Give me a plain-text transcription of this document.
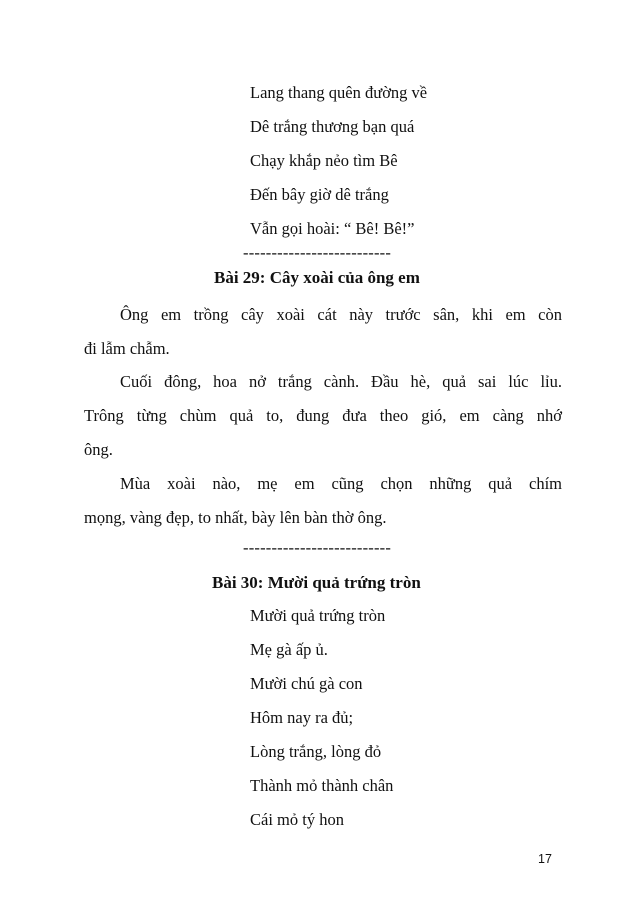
Lang thang quên đường về
Dê trắng thương bạn quá
Chạy khắp nẻo tìm Bê
Đến bây giờ dê trắng
Vẫn gọi hoài: “ Bê! Bê!”
--------------------------
Bài 29: Cây xoài của ông em
Ông em trồng cây xoài cát này trước sân, khi em còn
đi lẫm chẫm.
Cuối đông, hoa nở trắng cành. Đầu hè, quả sai lúc lỉu.
Trông từng chùm quả to, đung đưa theo gió, em càng nhớ
ông.
Mùa xoài nào, mẹ em cũng chọn những quả chím
mọng, vàng đẹp, to nhất, bày lên bàn thờ ông.
--------------------------
Bài 30: Mười quả trứng tròn
Mười quả trứng tròn
Mẹ gà ấp ủ.
Mười chú gà con
Hôm nay ra đủ;
Lòng trắng, lòng đỏ
Thành mỏ thành chân
Cái mỏ tý hon
17
